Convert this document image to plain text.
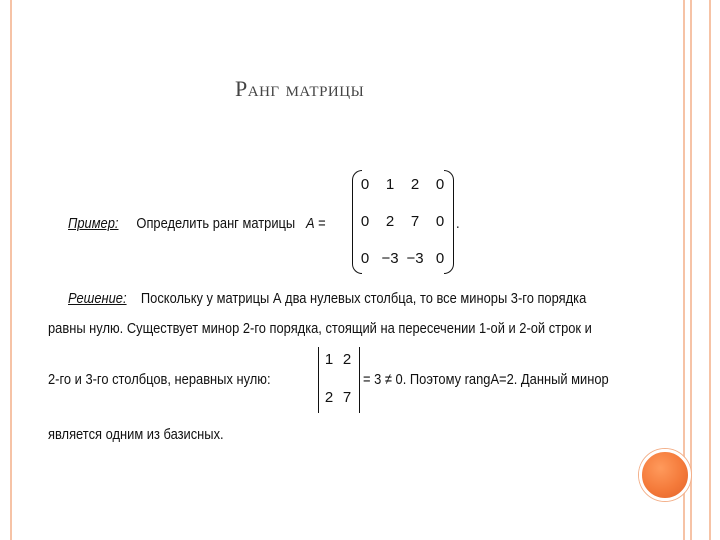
Ранг матрицы
Пример: Определить ранг матрицы A =
0	1	2	0
0	2	7	0
0 −3 −3 0
.
Решение: Поскольку у матрицы А два нулевых столбца, то все миноры 3-го порядка
равны нулю. Существует минор 2-го порядка, стоящий на пересечении 1-ой и 2-ой строк и
2-го и 3-го столбцов, неравных нулю:
1 2
2 7
= 3 ≠ 0. Поэтому rangA=2. Данный минор
является одним из базисных.
